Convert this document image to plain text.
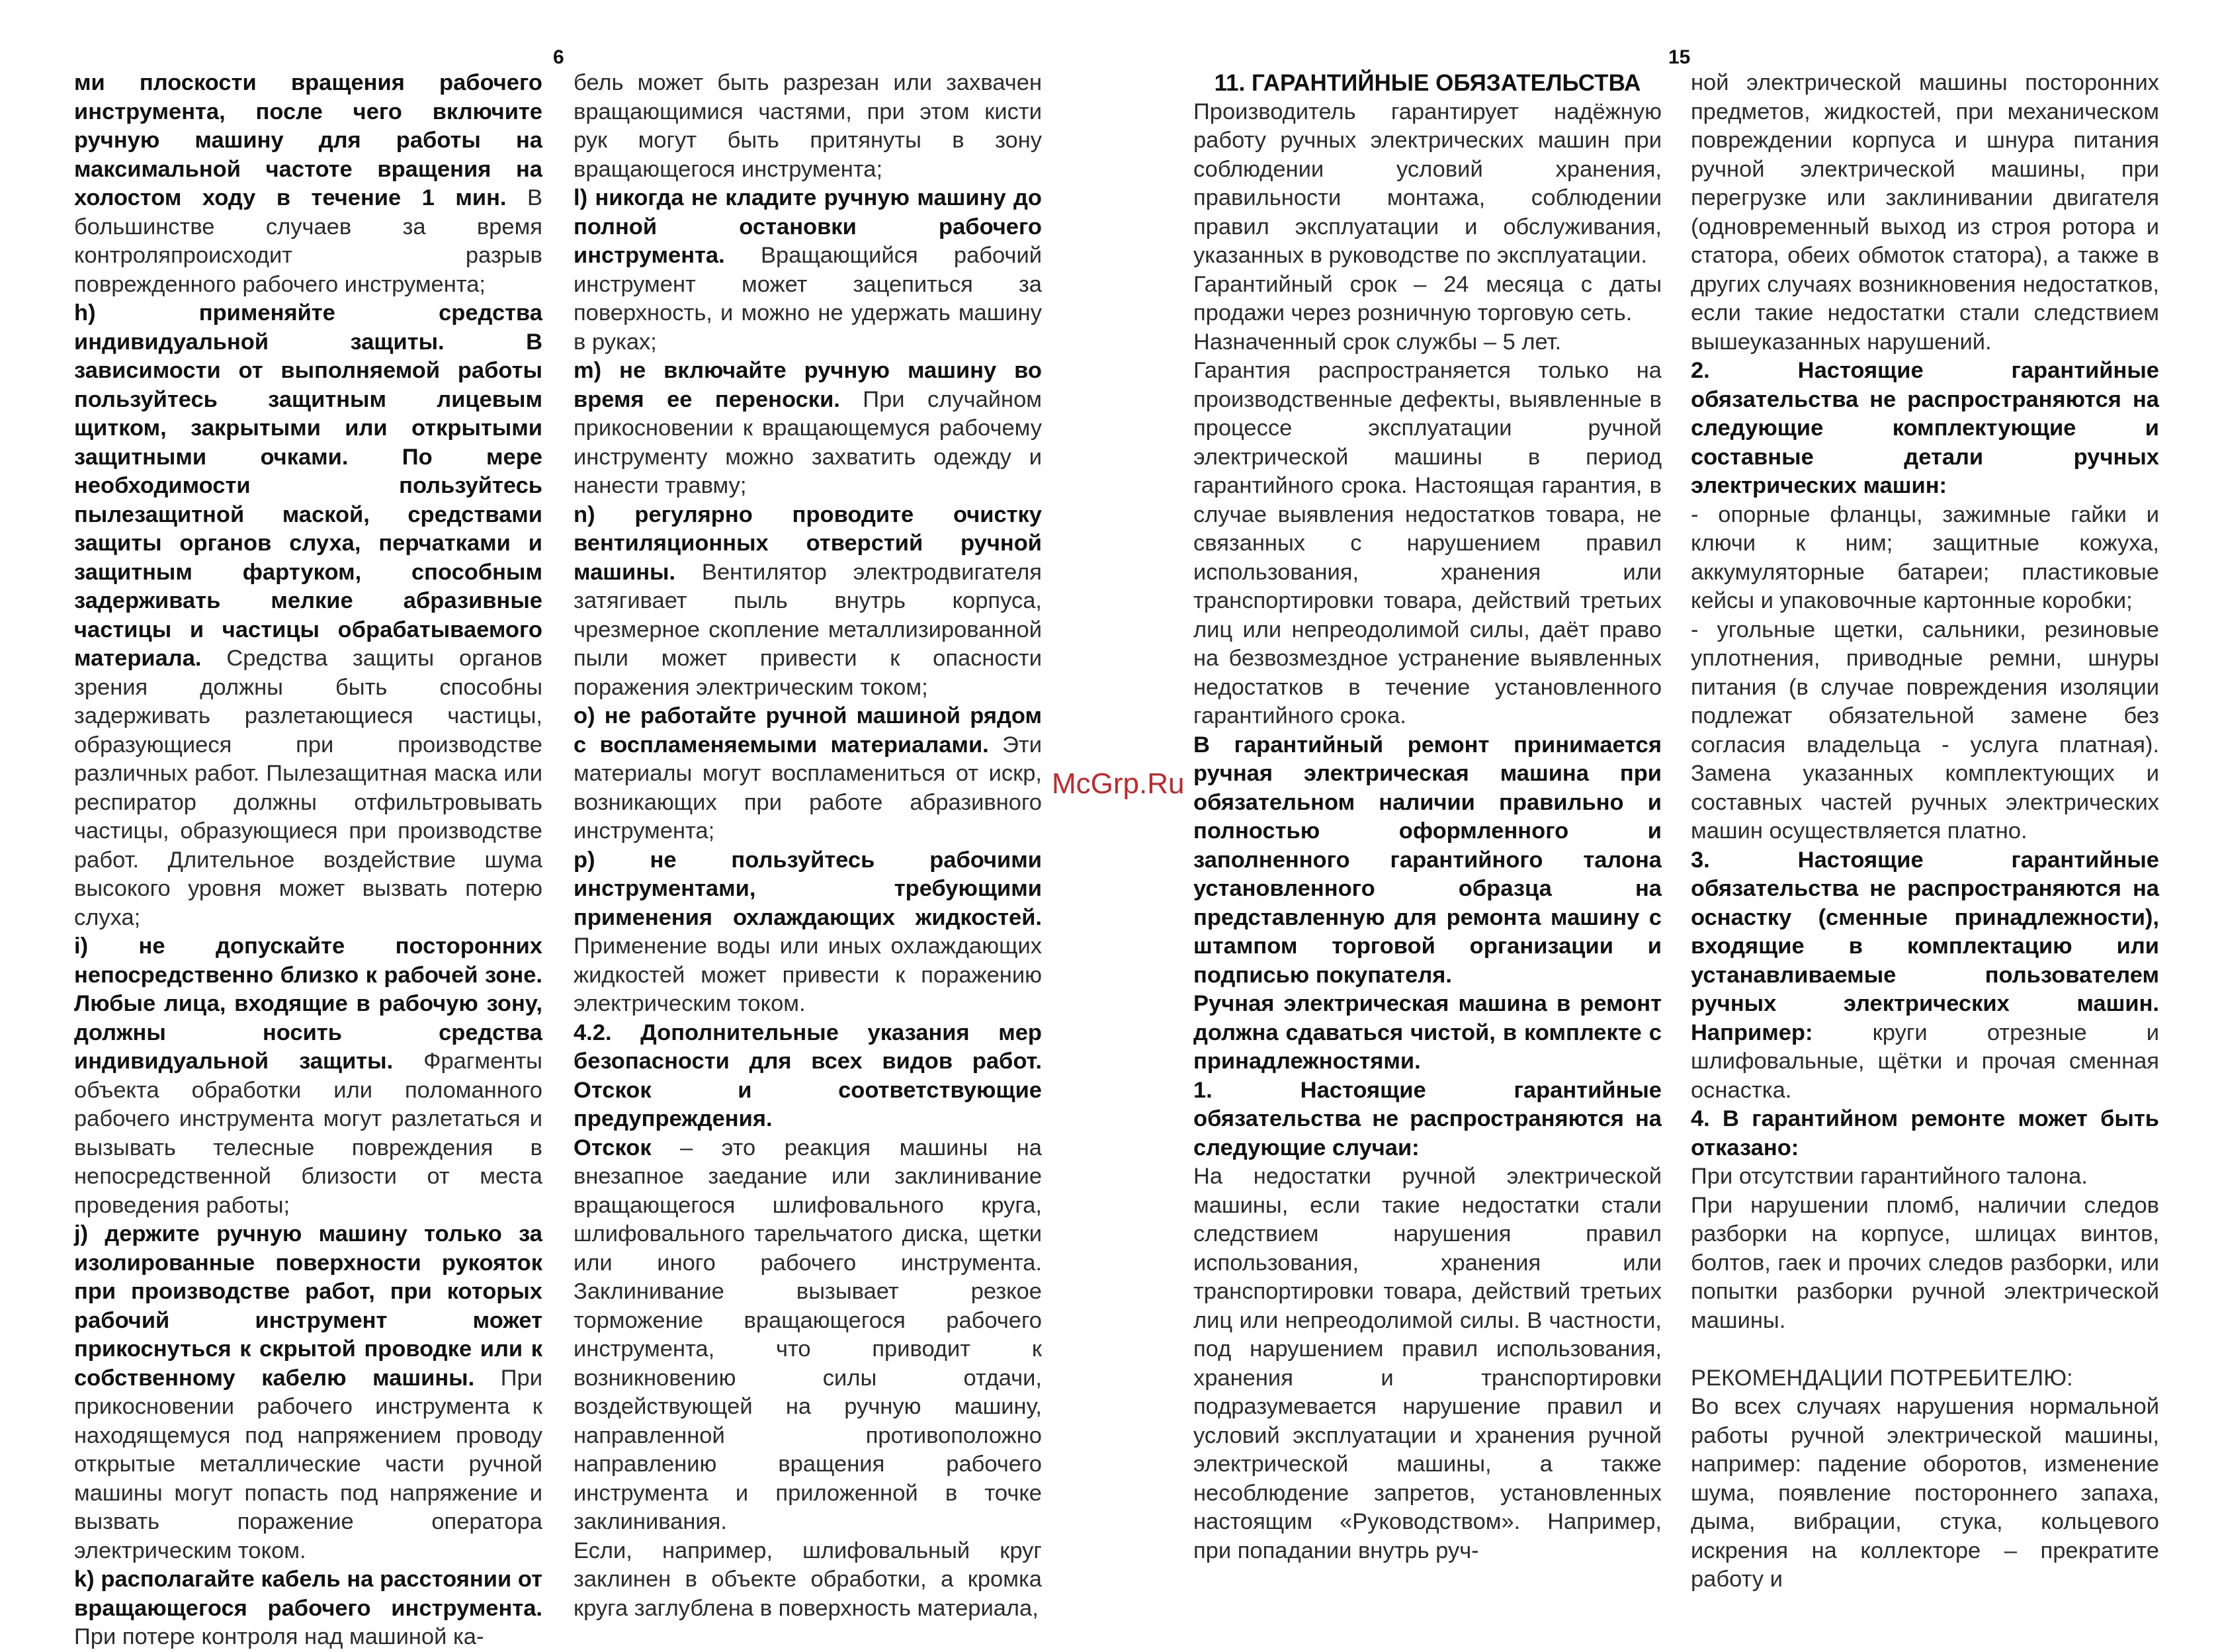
6	15

ми плоскости вращения рабочего инструмента, после чего включите ручную машину для работы на максимальной частоте вращения на холостом ходу в течение 1 мин. В большинстве случаев за время контроляпроисходит разрыв поврежденного рабочего инструмента;

h) применяйте средства индивидуальной защиты. В зависимости от выполняемой работы пользуйтесь защитным лицевым щитком, закрытыми или открытыми защитными очками. По мере необходимости пользуйтесь пылезащитной маской, средствами защиты органов слуха, перчатками и защитным фартуком, способным задерживать мелкие абразивные частицы и частицы обрабатываемого материала. Средства защиты органов зрения должны быть способны задерживать разлетающиеся частицы, образующиеся при производстве различных работ. Пылезащитная маска или респиратор должны отфильтровывать частицы, образующиеся при производстве работ. Длительное воздействие шума высокого уровня может вызвать потерю слуха;

i) не допускайте посторонних непосредственно близко к рабочей зоне. Любые лица, входящие в рабочую зону, должны носить средства индивидуальной защиты. Фрагменты объекта обработки или поломанного рабочего инструмента могут разлетаться и вызывать телесные повреждения в непосредственной близости от места проведения работы;

j) держите ручную машину только за изолированные поверхности рукояток при производстве работ, при которых рабочий инструмент может прикоснуться к скрытой проводке или к собственному кабелю машины. При прикосновении рабочего инструмента к находящемуся под напряжением проводу открытые металлические части ручной машины могут попасть под напряжение и вызвать поражение оператора электрическим током.

k) располагайте кабель на расстоянии от вращающегося рабочего инструмента. При потере контроля над машиной ка-

бель может быть разрезан или захвачен вращающимися частями, при этом кисти рук могут быть притянуты в зону вращающегося инструмента;

l) никогда не кладите ручную машину до полной остановки рабочего инструмента. Вращающийся рабочий инструмент может зацепиться за поверхность, и можно не удержать машину в руках;

m) не включайте ручную машину во время ее переноски. При случайном прикосновении к вращающемуся рабочему инструменту можно захватить одежду и нанести травму;

n) регулярно проводите очистку вентиляционных отверстий ручной машины. Вентилятор электродвигателя затягивает пыль внутрь корпуса, чрезмерное скопление металлизированной пыли может привести к опасности поражения электрическим током;

o) не работайте ручной машиной рядом с воспламеняемыми материалами. Эти материалы могут воспламениться от искр, возникающих при работе абразивного инструмента;

p) не пользуйтесь рабочими инструментами, требующими применения охлаждающих жидкостей. Применение воды или иных охлаждающих жидкостей может привести к поражению электрическим током.

4.2. Дополнительные указания мер безопасности для всех видов работ. Отскок и соответствующие предупреждения.

Отскок – это реакция машины на внезапное заедание или заклинивание вращающегося шлифовального круга, шлифовального тарельчатого диска, щетки или иного рабочего инструмента. Заклинивание вызывает резкое торможение вращающегося рабочего инструмента, что приводит к возникновению силы отдачи, воздействующей на ручную машину, направленной противоположно направлению вращения рабочего инструмента и приложенной в точке заклинивания.

Если, например, шлифовальный круг заклинен в объекте обработки, а кромка круга заглублена в поверхность материала,

11. ГАРАНТИЙНЫЕ ОБЯЗАТЕЛЬСТВА

Производитель гарантирует надёжную работу ручных электрических машин при соблюдении условий хранения, правильности монтажа, соблюдении правил эксплуатации и обслуживания, указанных в руководстве по эксплуатации.

Гарантийный срок – 24 месяца с даты продажи через розничную торговую сеть.

Назначенный срок службы – 5 лет.

Гарантия распространяется только на производственные дефекты, выявленные в процессе эксплуатации ручной электрической машины в период гарантийного срока. Настоящая гарантия, в случае выявления недостатков товара, не связанных с нарушением правил использования, хранения или транспортировки товара, действий третьих лиц или непреодолимой силы, даёт право на безвозмездное устранение выявленных недостатков в течение установленного гарантийного срока.

В гарантийный ремонт принимается ручная электрическая машина при обязательном наличии правильно и полностью оформленного и заполненного гарантийного талона установленного образца на представленную для ремонта машину с штампом торговой организации и подписью покупателя.

Ручная электрическая машина в ремонт должна сдаваться чистой, в комплекте с принадлежностями.

1. Настоящие гарантийные обязательства не распространяются на следующие случаи:

На недостатки ручной электрической машины, если такие недостатки стали следствием нарушения правил использования, хранения или транспортировки товара, действий третьих лиц или непреодолимой силы. В частности, под нарушением правил использования, хранения и транспортировки подразумевается нарушение правил и условий эксплуатации и хранения ручной электрической машины, а также несоблюдение запретов, установленных настоящим «Руководством». Например, при попадании внутрь руч-

ной электрической машины посторонних предметов, жидкостей, при механическом повреждении корпуса и шнура питания ручной электрической машины, при перегрузке или заклинивании двигателя (одновременный выход из строя ротора и статора, обеих обмоток статора), а также в других случаях возникновения недостатков, если такие недостатки стали следствием вышеуказанных нарушений.

2. Настоящие гарантийные обязательства не распространяются на следующие комплектующие и составные детали ручных электрических машин:

- опорные фланцы, зажимные гайки и ключи к ним; защитные кожуха, аккумуляторные батареи; пластиковые кейсы и упаковочные картонные коробки;

- угольные щетки, сальники, резиновые уплотнения, приводные ремни, шнуры питания (в случае повреждения изоляции подлежат обязательной замене без согласия владельца - услуга платная). Замена указанных комплектующих и составных частей ручных электрических машин осуществляется платно.

3. Настоящие гарантийные обязательства не распространяются на оснастку (сменные принадлежности), входящие в комплектацию или устанавливаемые пользователем ручных электрических машин. Например: круги отрезные и шлифовальные, щётки и прочая сменная оснастка.

4. В гарантийном ремонте может быть отказано:

При отсутствии гарантийного талона.

При нарушении пломб, наличии следов разборки на корпусе, шлицах винтов, болтов, гаек и прочих следов разборки, или попытки разборки ручной электрической машины.

РЕКОМЕНДАЦИИ ПОТРЕБИТЕЛЮ:

Во всех случаях нарушения нормальной работы ручной электрической машины, например: падение оборотов, изменение шума, появление постороннего запаха, дыма, вибрации, стука, кольцевого искрения на коллекторе – прекратите работу и

McGrp.Ru
